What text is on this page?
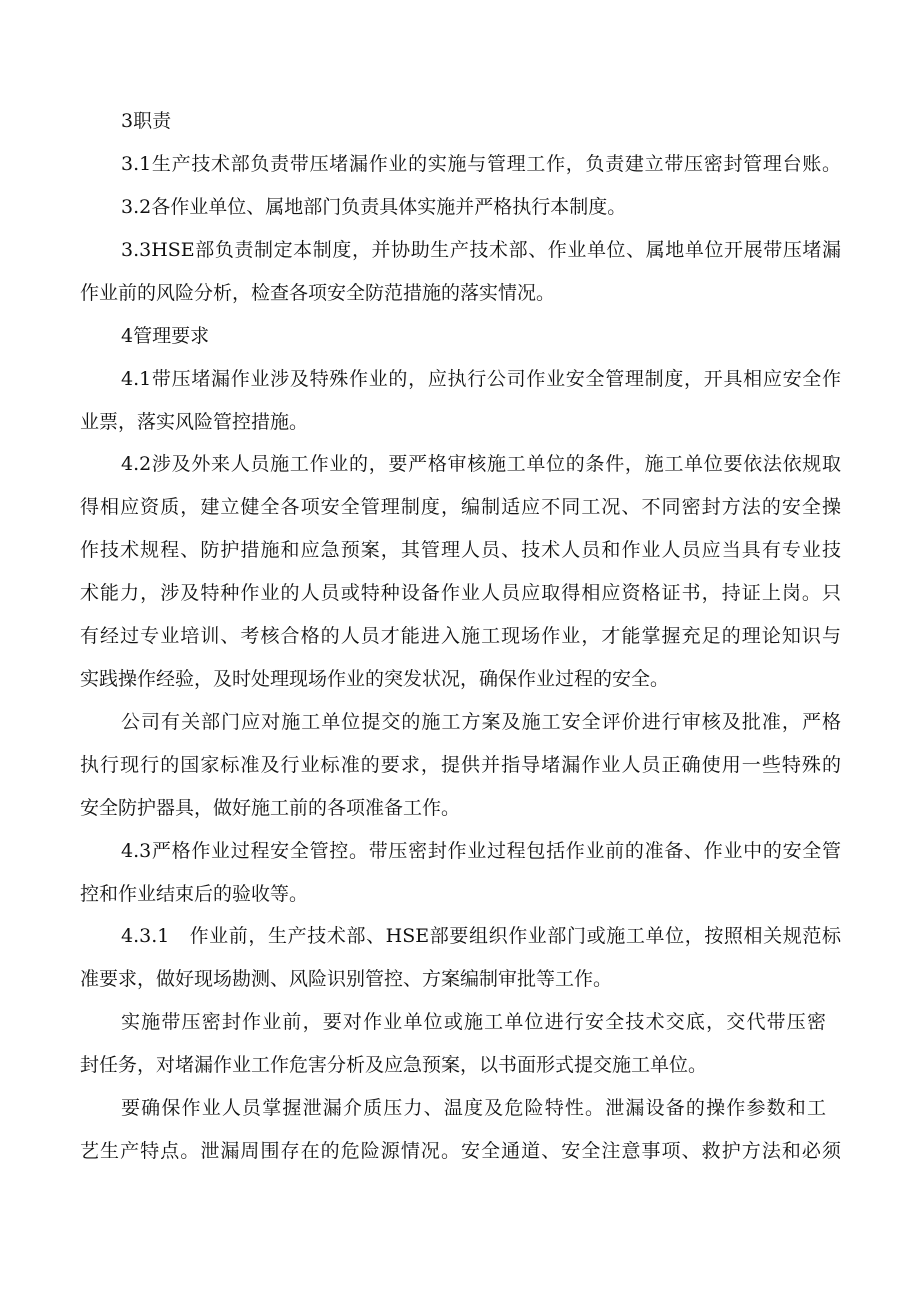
3职责

3.1生产技术部负责带压堵漏作业的实施与管理工作，负责建立带压密封管理台账。

3.2各作业单位、属地部门负责具体实施并严格执行本制度。

3.3HSE部负责制定本制度，并协助生产技术部、作业单位、属地单位开展带压堵漏

作业前的风险分析，检查各项安全防范措施的落实情况。

4管理要求

4.1带压堵漏作业涉及特殊作业的，应执行公司作业安全管理制度，开具相应安全作

业票，落实风险管控措施。

4.2涉及外来人员施工作业的，要严格审核施工单位的条件，施工单位要依法依规取

得相应资质，建立健全各项安全管理制度，编制适应不同工况、不同密封方法的安全操

作技术规程、防护措施和应急预案，其管理人员、技术人员和作业人员应当具有专业技

术能力，涉及特种作业的人员或特种设备作业人员应取得相应资格证书，持证上岗。只

有经过专业培训、考核合格的人员才能进入施工现场作业，才能掌握充足的理论知识与

实践操作经验，及时处理现场作业的突发状况，确保作业过程的安全。

公司有关部门应对施工单位提交的施工方案及施工安全评价进行审核及批准，严格

执行现行的国家标准及行业标准的要求，提供并指导堵漏作业人员正确使用一些特殊的

安全防护器具，做好施工前的各项准备工作。

4.3严格作业过程安全管控。带压密封作业过程包括作业前的准备、作业中的安全管

控和作业结束后的验收等。

4.3.1　作业前，生产技术部、HSE部要组织作业部门或施工单位，按照相关规范标

准要求，做好现场勘测、风险识别管控、方案编制审批等工作。

实施带压密封作业前，要对作业单位或施工单位进行安全技术交底，交代带压密

封任务，对堵漏作业工作危害分析及应急预案，以书面形式提交施工单位。

要确保作业人员掌握泄漏介质压力、温度及危险特性。泄漏设备的操作参数和工

艺生产特点。泄漏周围存在的危险源情况。安全通道、安全注意事项、救护方法和必须
